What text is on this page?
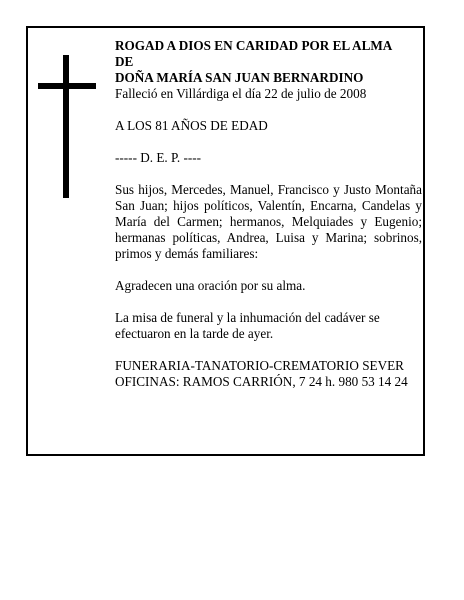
ROGAD A DIOS EN CARIDAD POR EL ALMA

DE

DOÑA MARÍA SAN JUAN BERNARDINO

Falleció en Villárdiga el día 22 de julio de 2008

A LOS 81 AÑOS DE EDAD

----- D. E. P. ----

Sus hijos, Mercedes, Manuel, Francisco y Justo Montaña San Juan; hijos políticos, Valentín, Encarna, Candelas y María del Carmen; hermanos, Melquiades y Eugenio; hermanas políticas, Andrea, Luisa y Marina; sobrinos, primos y demás familiares:

Agradecen una oración por su alma.

La misa de funeral y la inhumación del cadáver se efectuaron en la tarde de ayer.

FUNERARIA-TANATORIO-CREMATORIO SEVER

OFICINAS: RAMOS CARRIÓN, 7 24 h. 980 53 14 24
